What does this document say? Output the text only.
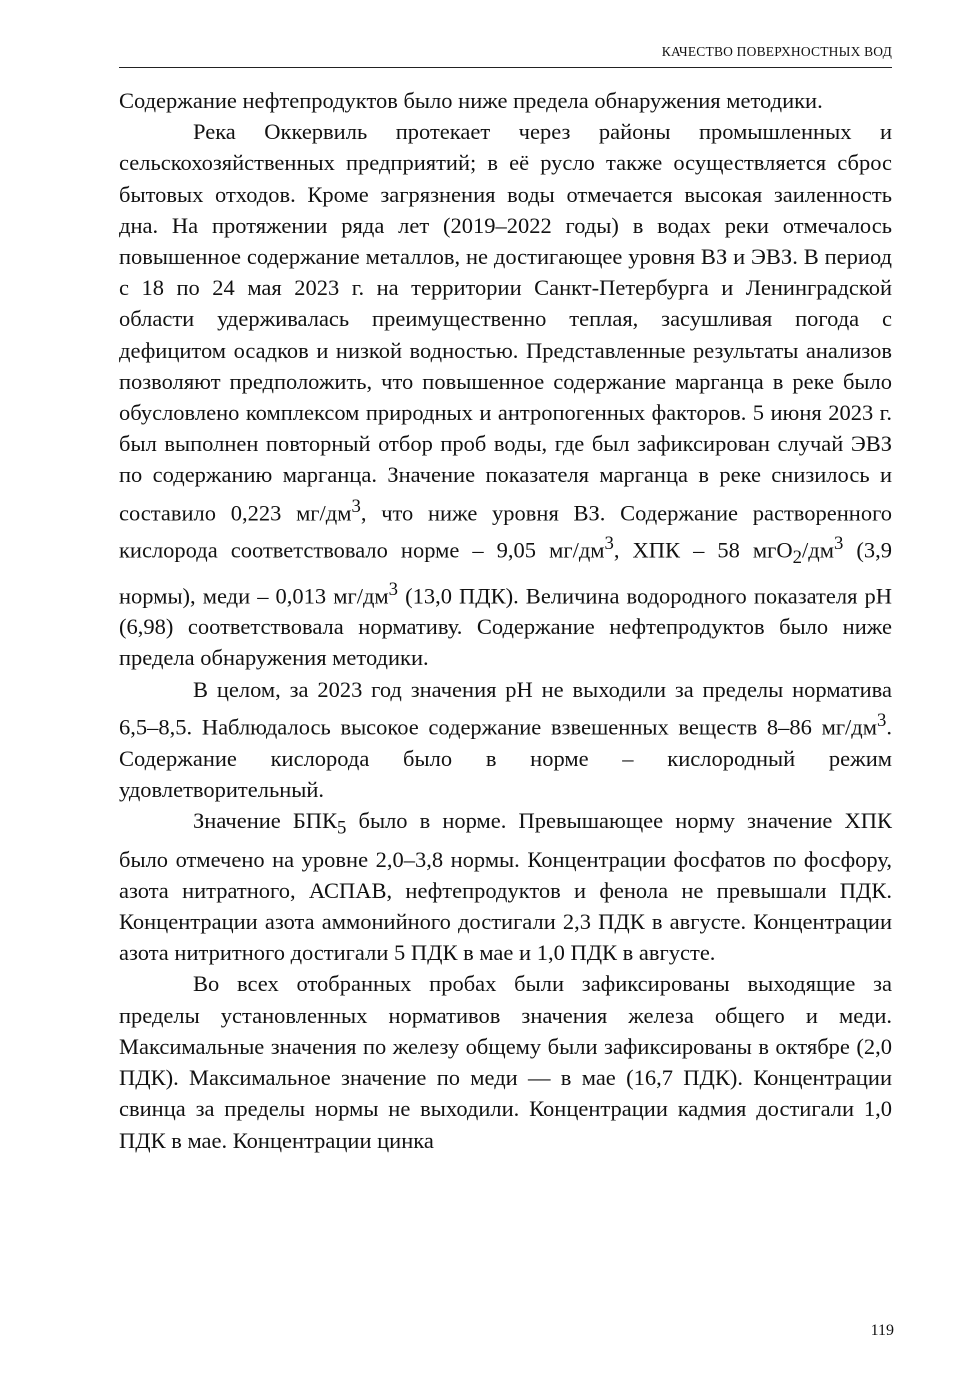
КАЧЕСТВО ПОВЕРХНОСТНЫХ ВОД

Содержание нефтепродуктов было ниже предела обнаружения методики.

Река Оккервиль протекает через районы промышленных и сельскохозяйственных предприятий; в её русло также осуществляется сброс бытовых отходов. Кроме загрязнения воды отмечается высокая заиленность дна. На протяжении ряда лет (2019–2022 годы) в водах реки отмечалось повышенное содержание металлов, не достигающее уровня ВЗ и ЭВЗ. В период с 18 по 24 мая 2023 г. на территории Санкт-Петербурга и Ленинградской области удерживалась преимущественно теплая, засушливая погода с дефицитом осадков и низкой водностью. Представленные результаты анализов позволяют предположить, что повышенное содержание марганца в реке было обусловлено комплексом природных и антропогенных факторов. 5 июня 2023 г. был выполнен повторный отбор проб воды, где был зафиксирован случай ЭВЗ по содержанию марганца. Значение показателя марганца в реке снизилось и составило 0,223 $мг/дм^3$, что ниже уровня ВЗ. Содержание растворенного кислорода соответствовало норме – 9,05 $мг/дм^3$, ХПК – 58 $мгО_2/дм^3$ (3,9 нормы), меди – 0,013 $мг/дм^3$ (13,0 ПДК). Величина водородного показателя pH (6,98) соответствовала нормативу. Содержание нефтепродуктов было ниже предела обнаружения методики.

В целом, за 2023 год значения pH не выходили за пределы норматива 6,5–8,5. Наблюдалось высокое содержание взвешенных веществ 8–86 $мг/дм^3$. Содержание кислорода было в норме – кислородный режим удовлетворительный.

Значение $БПК_5$ было в норме. Превышающее норму значение ХПК было отмечено на уровне 2,0–3,8 нормы. Концентрации фосфатов по фосфору, азота нитратного, АСПАВ, нефтепродуктов и фенола не превышали ПДК. Концентрации азота аммонийного достигали 2,3 ПДК в августе. Концентрации азота нитритного достигали 5 ПДК в мае и 1,0 ПДК в августе.

Во всех отобранных пробах были зафиксированы выходящие за пределы установленных нормативов значения железа общего и меди. Максимальные значения по железу общему были зафиксированы в октябре (2,0 ПДК). Максимальное значение по меди — в мае (16,7 ПДК). Концентрации свинца за пределы нормы не выходили. Концентрации кадмия достигали 1,0 ПДК в мае. Концентрации цинка

119
